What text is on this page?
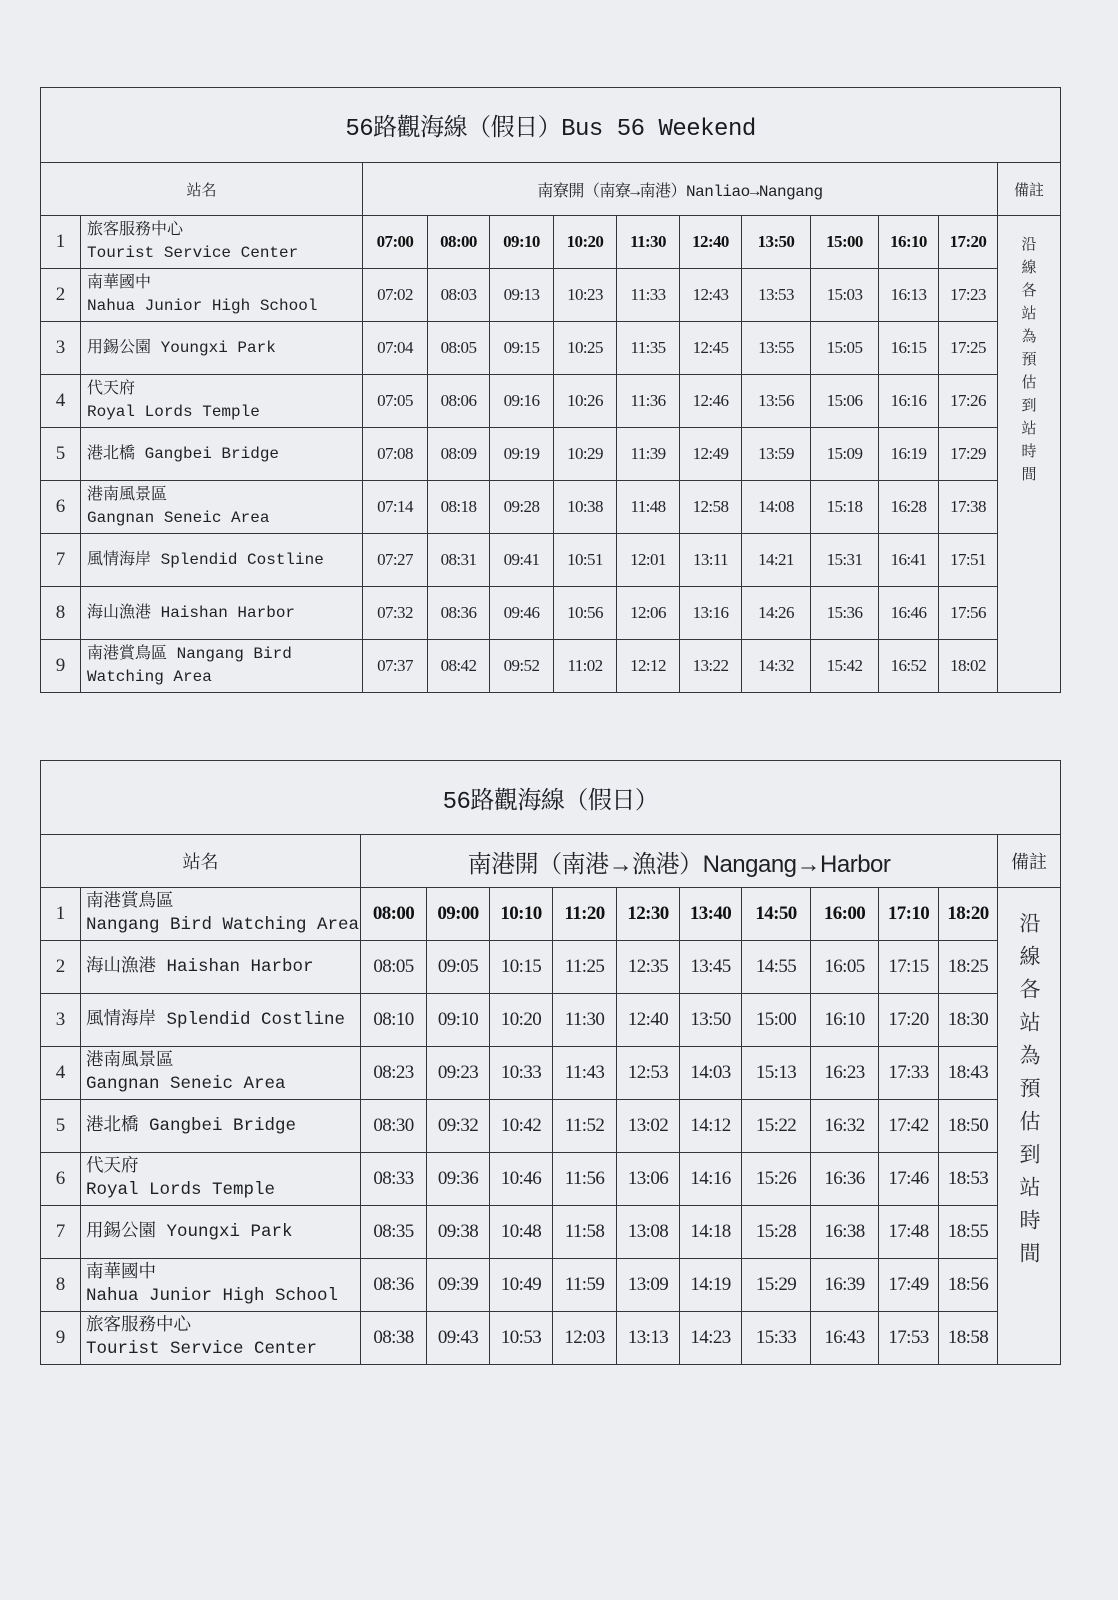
56路觀海線（假日）Bus 56 Weekend												
站名		南寮開（南寮→南港）Nanliao→Nangang										備註
1	旅客服務中心
Tourist Service Center	07:00	08:00	09:10	10:20	11:30	12:40	13:50	15:00	16:10	17:20	沿線各站為預估到站時間
2	南華國中
Nahua Junior High School	07:02	08:03	09:13	10:23	11:33	12:43	13:53	15:03	16:13	17:23	
3	用錫公園 Youngxi Park	07:04	08:05	09:15	10:25	11:35	12:45	13:55	15:05	16:15	17:25	
4	代天府
Royal Lords Temple	07:05	08:06	09:16	10:26	11:36	12:46	13:56	15:06	16:16	17:26	
5	港北橋 Gangbei Bridge	07:08	08:09	09:19	10:29	11:39	12:49	13:59	15:09	16:19	17:29	
6	港南風景區
Gangnan Seneic Area	07:14	08:18	09:28	10:38	11:48	12:58	14:08	15:18	16:28	17:38	
7	風情海岸 Splendid Costline	07:27	08:31	09:41	10:51	12:01	13:11	14:21	15:31	16:41	17:51	
8	海山漁港 Haishan Harbor	07:32	08:36	09:46	10:56	12:06	13:16	14:26	15:36	16:46	17:56	
9	南港賞鳥區 Nangang Bird
Watching Area	07:37	08:42	09:52	11:02	12:12	13:22	14:32	15:42	16:52	18:02	
56路觀海線（假日）												
站名		南港開（南港→漁港）Nangang→Harbor										備註
1	南港賞鳥區
Nangang Bird Watching Area	08:00	09:00	10:10	11:20	12:30	13:40	14:50	16:00	17:10	18:20	沿線各站為預估到站時間
2	海山漁港 Haishan Harbor	08:05	09:05	10:15	11:25	12:35	13:45	14:55	16:05	17:15	18:25	
3	風情海岸 Splendid Costline	08:10	09:10	10:20	11:30	12:40	13:50	15:00	16:10	17:20	18:30	
4	港南風景區
Gangnan Seneic Area	08:23	09:23	10:33	11:43	12:53	14:03	15:13	16:23	17:33	18:43	
5	港北橋 Gangbei Bridge	08:30	09:32	10:42	11:52	13:02	14:12	15:22	16:32	17:42	18:50	
6	代天府
Royal Lords Temple	08:33	09:36	10:46	11:56	13:06	14:16	15:26	16:36	17:46	18:53	
7	用錫公園 Youngxi Park	08:35	09:38	10:48	11:58	13:08	14:18	15:28	16:38	17:48	18:55	
8	南華國中
Nahua Junior High School	08:36	09:39	10:49	11:59	13:09	14:19	15:29	16:39	17:49	18:56	
9	旅客服務中心
Tourist Service Center	08:38	09:43	10:53	12:03	13:13	14:23	15:33	16:43	17:53	18:58	
